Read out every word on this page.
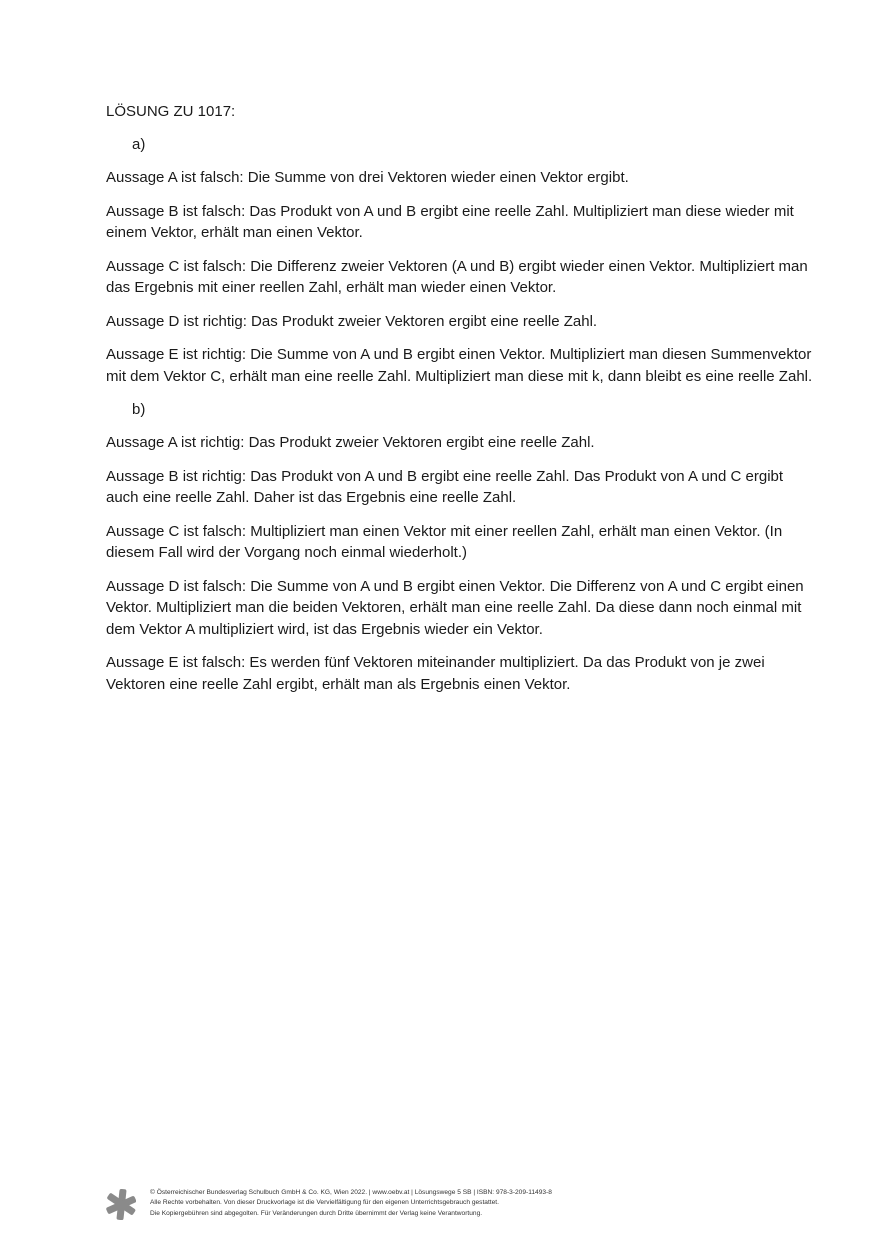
LÖSUNG ZU 1017:
a)

Aussage A ist falsch: Die Summe von drei Vektoren wieder einen Vektor ergibt.

Aussage B ist falsch: Das Produkt von A und B ergibt eine reelle Zahl. Multipliziert man diese wieder mit einem Vektor, erhält man einen Vektor.

Aussage C ist falsch: Die Differenz zweier Vektoren (A und B) ergibt wieder einen Vektor. Multipliziert man das Ergebnis mit einer reellen Zahl, erhält man wieder einen Vektor.

Aussage D ist richtig: Das Produkt zweier Vektoren ergibt eine reelle Zahl.

Aussage E ist richtig: Die Summe von A und B ergibt einen Vektor. Multipliziert man diesen Summenvektor mit dem Vektor C, erhält man eine reelle Zahl. Multipliziert man diese mit k, dann bleibt es eine reelle Zahl.

b)

Aussage A ist richtig: Das Produkt zweier Vektoren ergibt eine reelle Zahl.

Aussage B ist richtig: Das Produkt von A und B ergibt eine reelle Zahl. Das Produkt von A und C ergibt auch eine reelle Zahl. Daher ist das Ergebnis eine reelle Zahl.

Aussage C ist falsch: Multipliziert man einen Vektor mit einer reellen Zahl, erhält man einen Vektor. (In diesem Fall wird der Vorgang noch einmal wiederholt.)

Aussage D ist falsch: Die Summe von A und B ergibt einen Vektor. Die Differenz von A und C ergibt einen Vektor. Multipliziert man die beiden Vektoren, erhält man eine reelle Zahl. Da diese dann noch einmal mit dem Vektor A multipliziert wird, ist das Ergebnis wieder ein Vektor.

Aussage E ist falsch: Es werden fünf Vektoren miteinander multipliziert. Da das Produkt von je zwei Vektoren eine reelle Zahl ergibt, erhält man als Ergebnis einen Vektor.

© Österreichischer Bundesverlag Schulbuch GmbH & Co. KG, Wien 2022. | www.oebv.at | Lösungswege 5 SB | ISBN: 978-3-209-11493-8
Alle Rechte vorbehalten. Von dieser Druckvorlage ist die Vervielfältigung für den eigenen Unterrichtsgebrauch gestattet.
Die Kopiergebühren sind abgegolten. Für Veränderungen durch Dritte übernimmt der Verlag keine Verantwortung.
